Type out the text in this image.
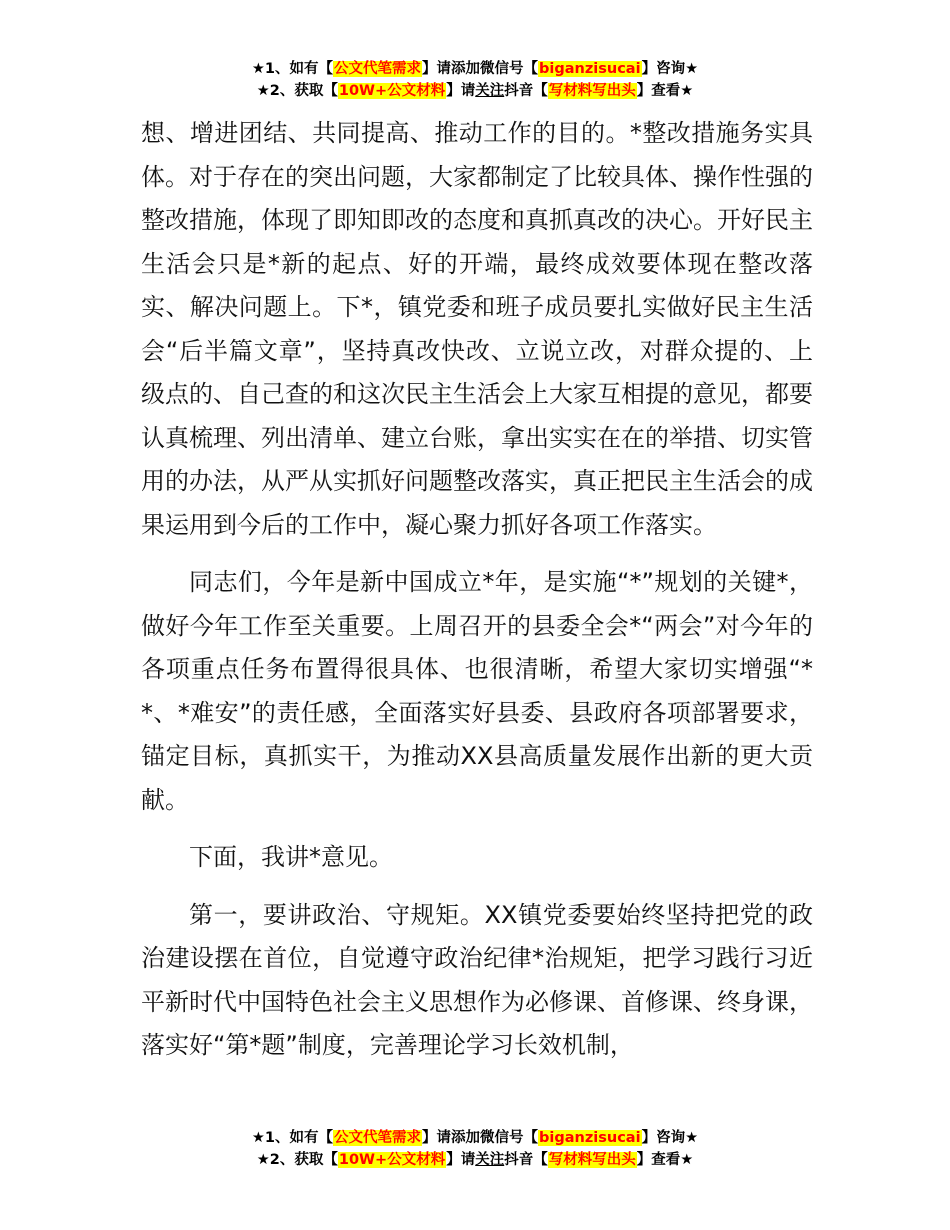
★1、如有【公文代笔需求】请添加微信号【biganzisucai】咨询★
★2、获取【10W+公文材料】请关注抖音【写材料写出头】查看★

想、增进团结、共同提高、推动工作的目的。*整改措施务实具体。对于存在的突出问题，大家都制定了比较具体、操作性强的整改措施，体现了即知即改的态度和真抓真改的决心。开好民主生活会只是*新的起点、好的开端，最终成效要体现在整改落实、解决问题上。下*，镇党委和班子成员要扎实做好民主生活会“后半篇文章”，坚持真改快改、立说立改，对群众提的、上级点的、自己查的和这次民主生活会上大家互相提的意见，都要认真梳理、列出清单、建立台账，拿出实实在在的举措、切实管用的办法，从严从实抓好问题整改落实，真正把民主生活会的成果运用到今后的工作中，凝心聚力抓好各项工作落实。

同志们，今年是新中国成立*年，是实施“*”规划的关键*，做好今年工作至关重要。上周召开的县委全会*“两会”对今年的各项重点任务布置得很具体、也很清晰，希望大家切实增强“**、*难安”的责任感，全面落实好县委、县政府各项部署要求，锚定目标，真抓实干，为推动XX县高质量发展作出新的更大贡献。

下面，我讲*意见。

第一，要讲政治、守规矩。XX镇党委要始终坚持把党的政治建设摆在首位，自觉遵守政治纪律*治规矩，把学习践行习近平新时代中国特色社会主义思想作为必修课、首修课、终身课，落实好“第*题”制度，完善理论学习长效机制，

★1、如有【公文代笔需求】请添加微信号【biganzisucai】咨询★
★2、获取【10W+公文材料】请关注抖音【写材料写出头】查看★
